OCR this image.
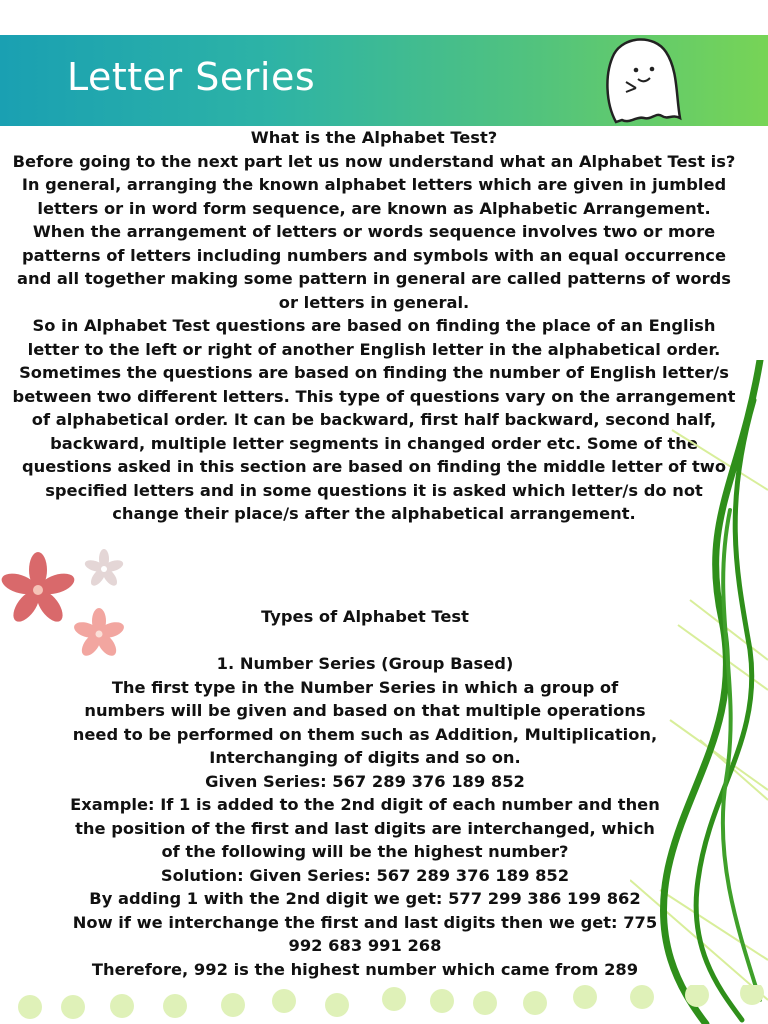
Letter Series

What is the Alphabet Test?

Before going to the next part let us now understand what an Alphabet Test is? In general, arranging the known alphabet letters which are given in jumbled letters or in word form sequence, are known as Alphabetic Arrangement.

When the arrangement of letters or words sequence involves two or more patterns of letters including numbers and symbols with an equal occurrence and all together making some pattern in general are called patterns of words or letters in general.

So in Alphabet Test questions are based on finding the place of an English letter to the left or right of another English letter in the alphabetical order. Sometimes the questions are based on finding the number of English letter/s between two different letters. This type of questions vary on the arrangement of alphabetical order. It can be backward, first half backward, second half, backward, multiple letter segments in changed order etc. Some of the questions asked in this section are based on finding the middle letter of two specified letters and in some questions it is asked which letter/s do not change their place/s after the alphabetical arrangement.

Types of Alphabet Test

1. Number Series (Group Based)

The first type in the Number Series in which a group of numbers will be given and based on that multiple operations need to be performed on them such as Addition, Multiplication, Interchanging of digits and so on.

Given Series: 567 289 376 189 852

Example: If 1 is added to the 2nd digit of each number and then the position of the first and last digits are interchanged, which of the following will be the highest number?

Solution: Given Series: 567 289 376 189 852

By adding 1 with the 2nd digit we get: 577 299 386 199 862

Now if we interchange the first and last digits then we get: 775 992 683 991 268

Therefore, 992 is the highest number which came from 289
